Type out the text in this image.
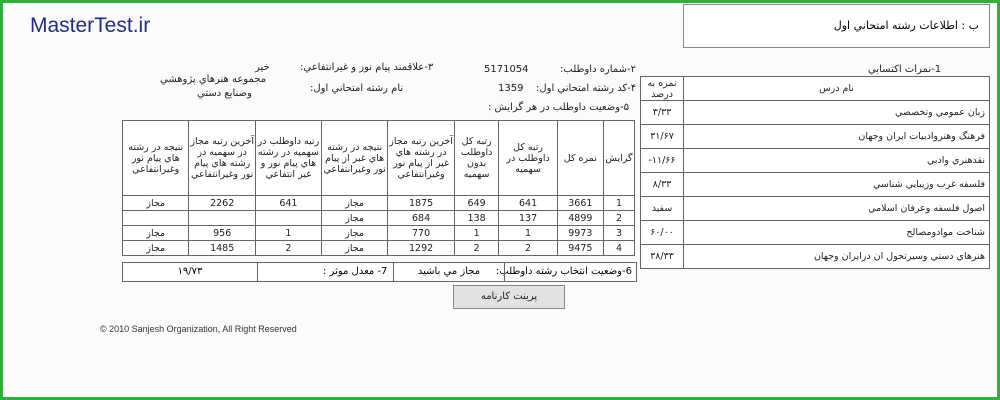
MasterTest.ir	ب : اطلاعات رشته امتحاني اول
۲-شماره داوطلب:
5171054
۳-علاقمند پيام نور و غيرانتفاعي:
خير
۴-کد رشته امتحاني اول:
1359
نام رشته امتحاني اول:
مجموعه هنرهاي پژوهشي
وصنايع دستي
۵-وضعيت داوطلب در هر گرايش :
1-نمرات اکتسابي
نمره به درصد	نام درس
۳/۳۳	زبان عمومي وتخصصي
۳۱/۶۷	فرهنگ وهنروادبيات ايران وجهان
-۱۱/۶۶	نقدهنري وادبي
۸/۳۳	فلسفه غرب وزيبايي شناسي
سفيد	اصول فلسفه وعرفان اسلامي
۶۰/۰۰	شناخت موادومصالح
۳۸/۳۳	هنرهاي دستي وسيرتحول ان درايران وجهان
نتيجه در رشته هاي پيام نور وغيرانتفاعي	آخرين رتبه مجاز در سهميه در رشته هاي پيام نور وغيرانتفاعي	رتبه داوطلب در سهميه در رشته هاي پيام نور و غير انتفاعي	نتيجه در رشته هاي غير از پيام نور وغيرانتفاعي	آخرين رتبه مجاز در رشته هاي غير از پيام نور وغيرانتفاعي	رتبه کل داوطلب بدون سهميه	رتبه کل داوطلب در سهميه	نمره کل	گرايش
مجاز	2262	641	مجاز	1875	649	641	3661	1
			مجاز	684	138	137	4899	2
مجاز	956	1	مجاز	770	1	1	9973	3
مجاز	1485	2	مجاز	1292	2	2	9475	4
6-وضعيت انتخاب رشته داوطلب:
مجاز مي باشيد
7- معدل موثر :
۱۹/۷۳
پرينت کارنامه
© 2010 Sanjesh Organization, All Right Reserved
